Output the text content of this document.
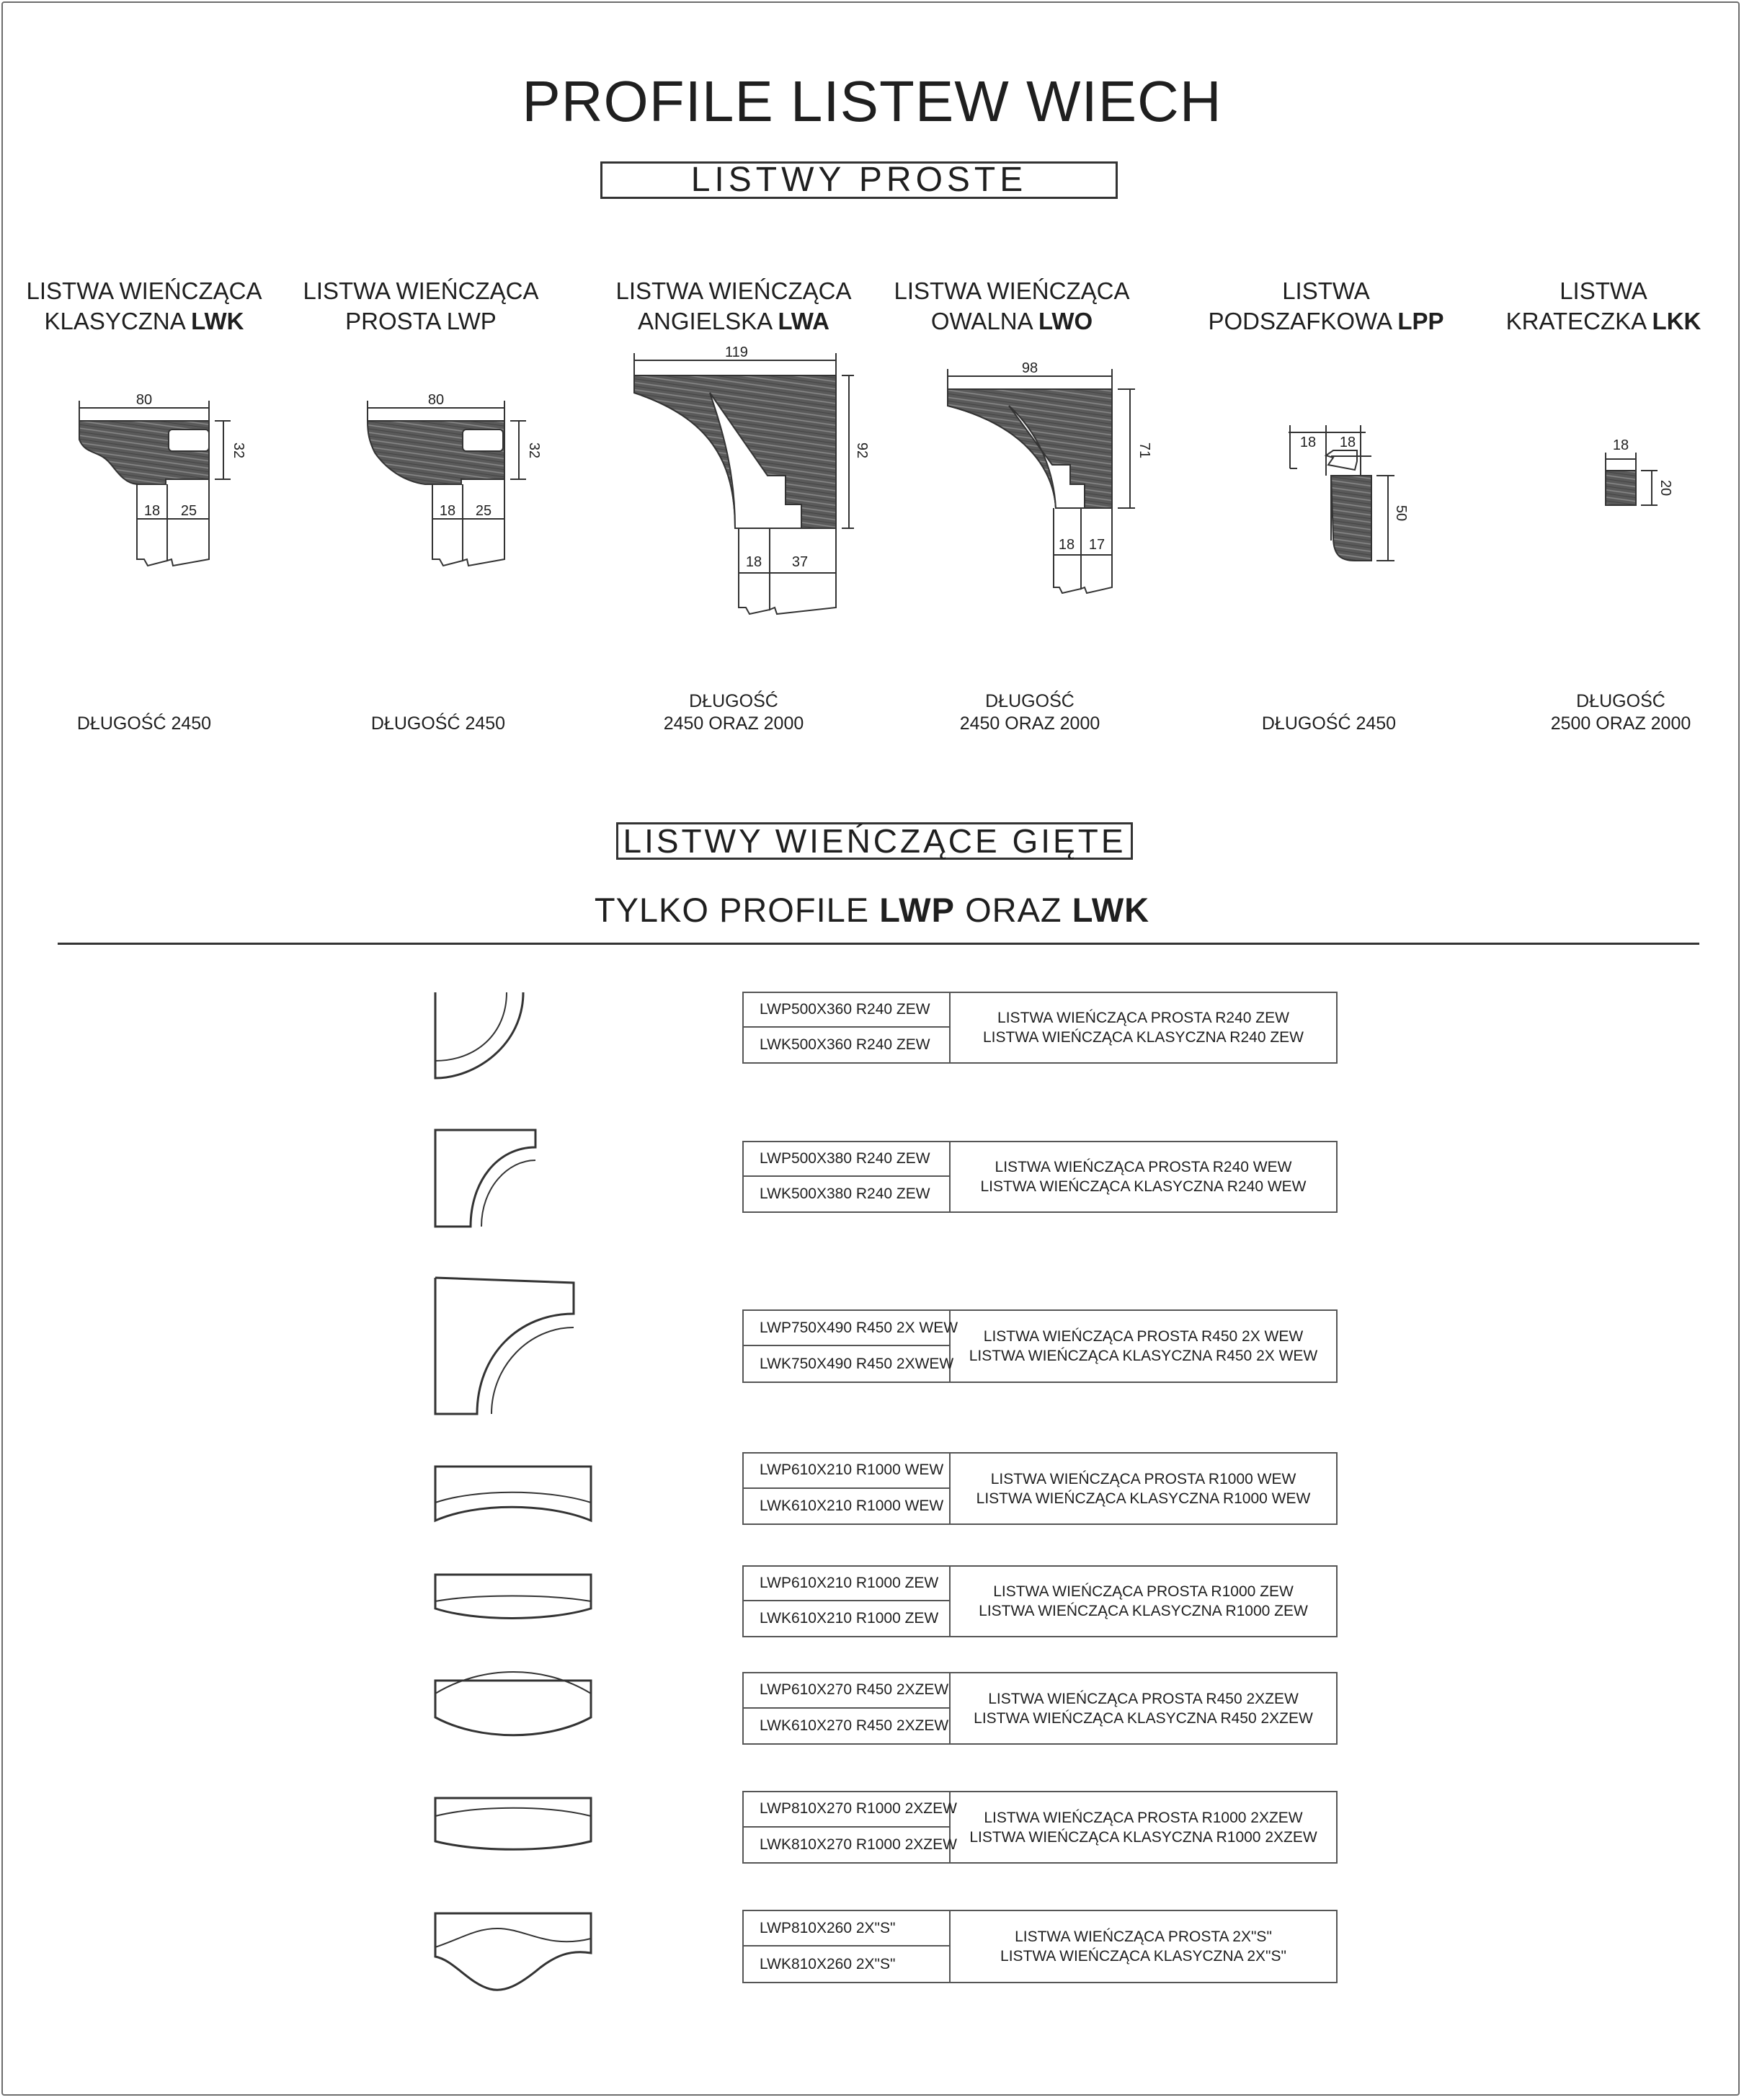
PROFILE LISTEW WIECH
LISTWY PROSTE
LISTWA WIEŃCZĄCA
KLASYCZNA LWK
LISTWA WIEŃCZĄCA
PROSTA LWP
LISTWA WIEŃCZĄCA
ANGIELSKA LWA
LISTWA WIEŃCZĄCA
OWALNA LWO
LISTWA
PODSZAFKOWA LPP
LISTWA
KRATECZKA LKK
DŁUGOŚĆ 2450	DŁUGOŚĆ 2450
DŁUGOŚĆ
2450 ORAZ 2000
DŁUGOŚĆ
2450 ORAZ 2000	DŁUGOŚĆ 2450
DŁUGOŚĆ
2500 ORAZ 2000
LISTWY WIEŃCZĄCE GIĘTE
TYLKO PROFILE LWP ORAZ LWK
80
32
18 25
80
32
18 25
119
92
18 37
98
71
18 17
18 18
50
18
20
LWP500X360 R240 ZEW
LWK500X360 R240 ZEW
LISTWA WIEŃCZĄCA PROSTA R240 ZEW
LISTWA WIEŃCZĄCA KLASYCZNA R240 ZEW
LWP500X380 R240 ZEW
LWK500X380 R240 ZEW
LISTWA WIEŃCZĄCA PROSTA R240 WEW
LISTWA WIEŃCZĄCA KLASYCZNA R240 WEW
LWP750X490 R450 2X WEW
LWK750X490 R450 2XWEW
LISTWA WIEŃCZĄCA PROSTA R450 2X WEW
LISTWA WIEŃCZĄCA KLASYCZNA R450 2X WEW
LWP610X210 R1000 WEW
LWK610X210 R1000 WEW
LISTWA WIEŃCZĄCA PROSTA R1000 WEW
LISTWA WIEŃCZĄCA KLASYCZNA R1000 WEW
LWP610X210 R1000 ZEW
LWK610X210 R1000 ZEW
LISTWA WIEŃCZĄCA PROSTA R1000 ZEW
LISTWA WIEŃCZĄCA KLASYCZNA R1000 ZEW
LWP610X270 R450 2XZEW
LWK610X270 R450 2XZEW
LISTWA WIEŃCZĄCA PROSTA R450 2XZEW
LISTWA WIEŃCZĄCA KLASYCZNA R450 2XZEW
LWP810X270 R1000 2XZEW
LWK810X270 R1000 2XZEW
LISTWA WIEŃCZĄCA PROSTA R1000 2XZEW
LISTWA WIEŃCZĄCA KLASYCZNA R1000 2XZEW
LWP810X260 2X"S"
LWK810X260 2X"S"
LISTWA WIEŃCZĄCA PROSTA 2X"S"
LISTWA WIEŃCZĄCA KLASYCZNA 2X"S"
